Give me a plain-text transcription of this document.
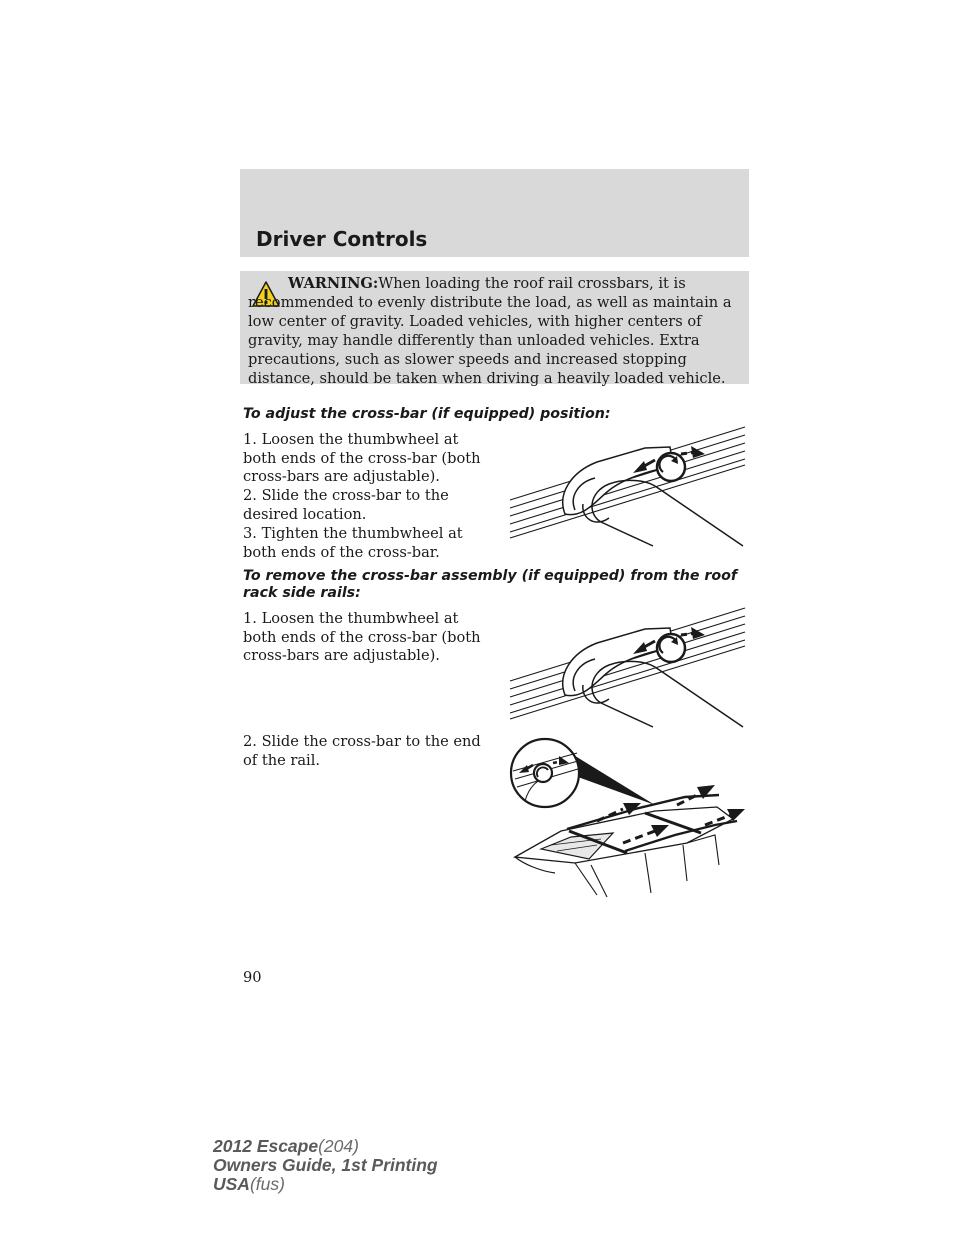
Driver Controls

WARNING:When loading the roof rail crossbars, it is recommended to evenly distribute the load, as well as maintain a low center of gravity. Loaded vehicles, with higher centers of gravity, may handle differently than unloaded vehicles. Extra precautions, such as slower speeds and increased stopping distance, should be taken when driving a heavily loaded vehicle.

To adjust the cross-bar (if equipped) position:

1. Loosen the thumbwheel at both ends of the cross-bar (both cross-bars are adjustable).

2. Slide the cross-bar to the desired location.

3. Tighten the thumbwheel at both ends of the cross-bar.

To remove the cross-bar assembly (if equipped) from the roof rack side rails:

1. Loosen the thumbwheel at both ends of the cross-bar (both cross-bars are adjustable).

2. Slide the cross-bar to the end of the rail.

90

2012 Escape(204)
Owners Guide, 1st Printing
USA(fus)
